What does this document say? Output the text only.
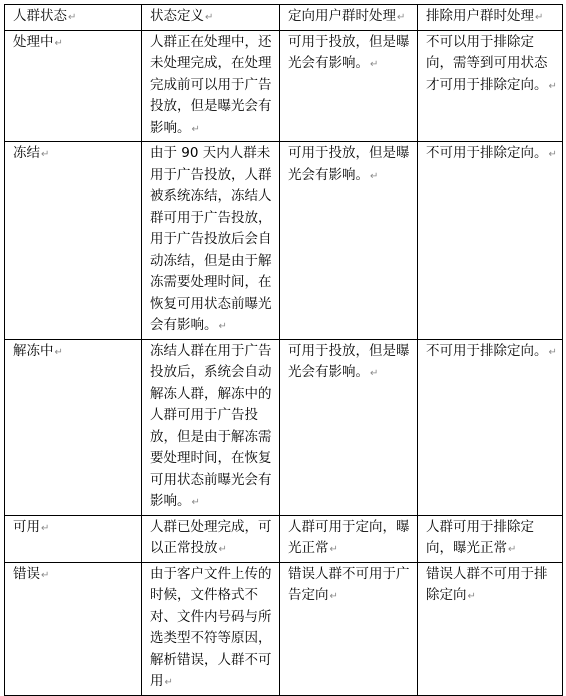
人群状态↵	状态定义↵	定向用户群时处理↵	排除用户群时处理↵
处理中↵	人群正在处理中，还未处理完成，在处理完成前可以用于广告投放，但是曝光会有影响。↵	可用于投放，但是曝光会有影响。↵	不可以用于排除定向，需等到可用状态才可用于排除定向。↵
冻结↵	由于 90 天内人群未用于广告投放，人群被系统冻结，冻结人群可用于广告投放，用于广告投放后会自动冻结，但是由于解冻需要处理时间，在恢复可用状态前曝光会有影响。↵	可用于投放，但是曝光会有影响。↵	不可用于排除定向。↵
解冻中↵	冻结人群在用于广告投放后，系统会自动解冻人群，解冻中的人群可用于广告投放，但是由于解冻需要处理时间，在恢复可用状态前曝光会有影响。↵	可用于投放，但是曝光会有影响。↵	不可用于排除定向。↵
可用↵	人群已处理完成，可以正常投放↵	人群可用于定向，曝光正常↵	人群可用于排除定向，曝光正常↵
错误↵	由于客户文件上传的时候，文件格式不对、文件内号码与所选类型不符等原因，解析错误，人群不可用↵	错误人群不可用于广告定向↵	错误人群不可用于排除定向↵
